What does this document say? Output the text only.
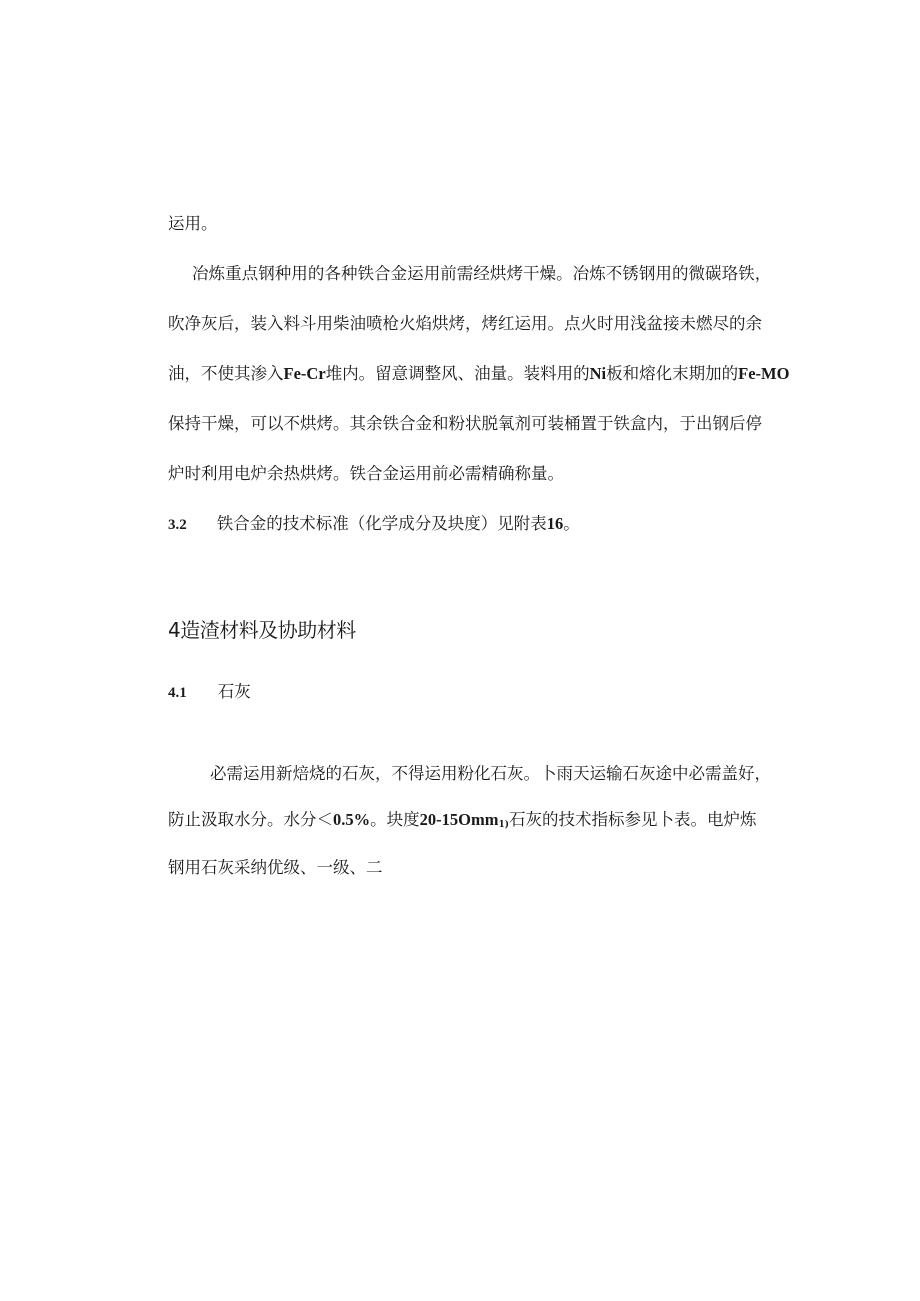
运用。
冶炼重点钢种用的各种铁合金运用前需经烘烤干燥。冶炼不锈钢用的微碳珞铁，
吹净灰后，装入料斗用柴油喷枪火焰烘烤，烤红运用。点火时用浅盆接未燃尽的余
油，不使其渗入Fe-Cr堆内。留意调整风、油量。装料用的Ni板和熔化末期加的Fe-MO
保持干燥，可以不烘烤。其余铁合金和粉状脱氧剂可装桶置于铁盒内，于出钢后停
炉时利用电炉余热烘烤。铁合金运用前必需精确称量。
3.2 铁合金的技术标准（化学成分及块度）见附表16。
4造渣材料及协助材料
4.1 石灰
必需运用新焙烧的石灰，不得运用粉化石灰。卜雨天运输石灰途中必需盖好，
防止汲取水分。水分＜0.5%。块度20-15Omm$_{1)}$石灰的技术指标参见卜表。电炉炼
钢用石灰采纳优级、一级、二
